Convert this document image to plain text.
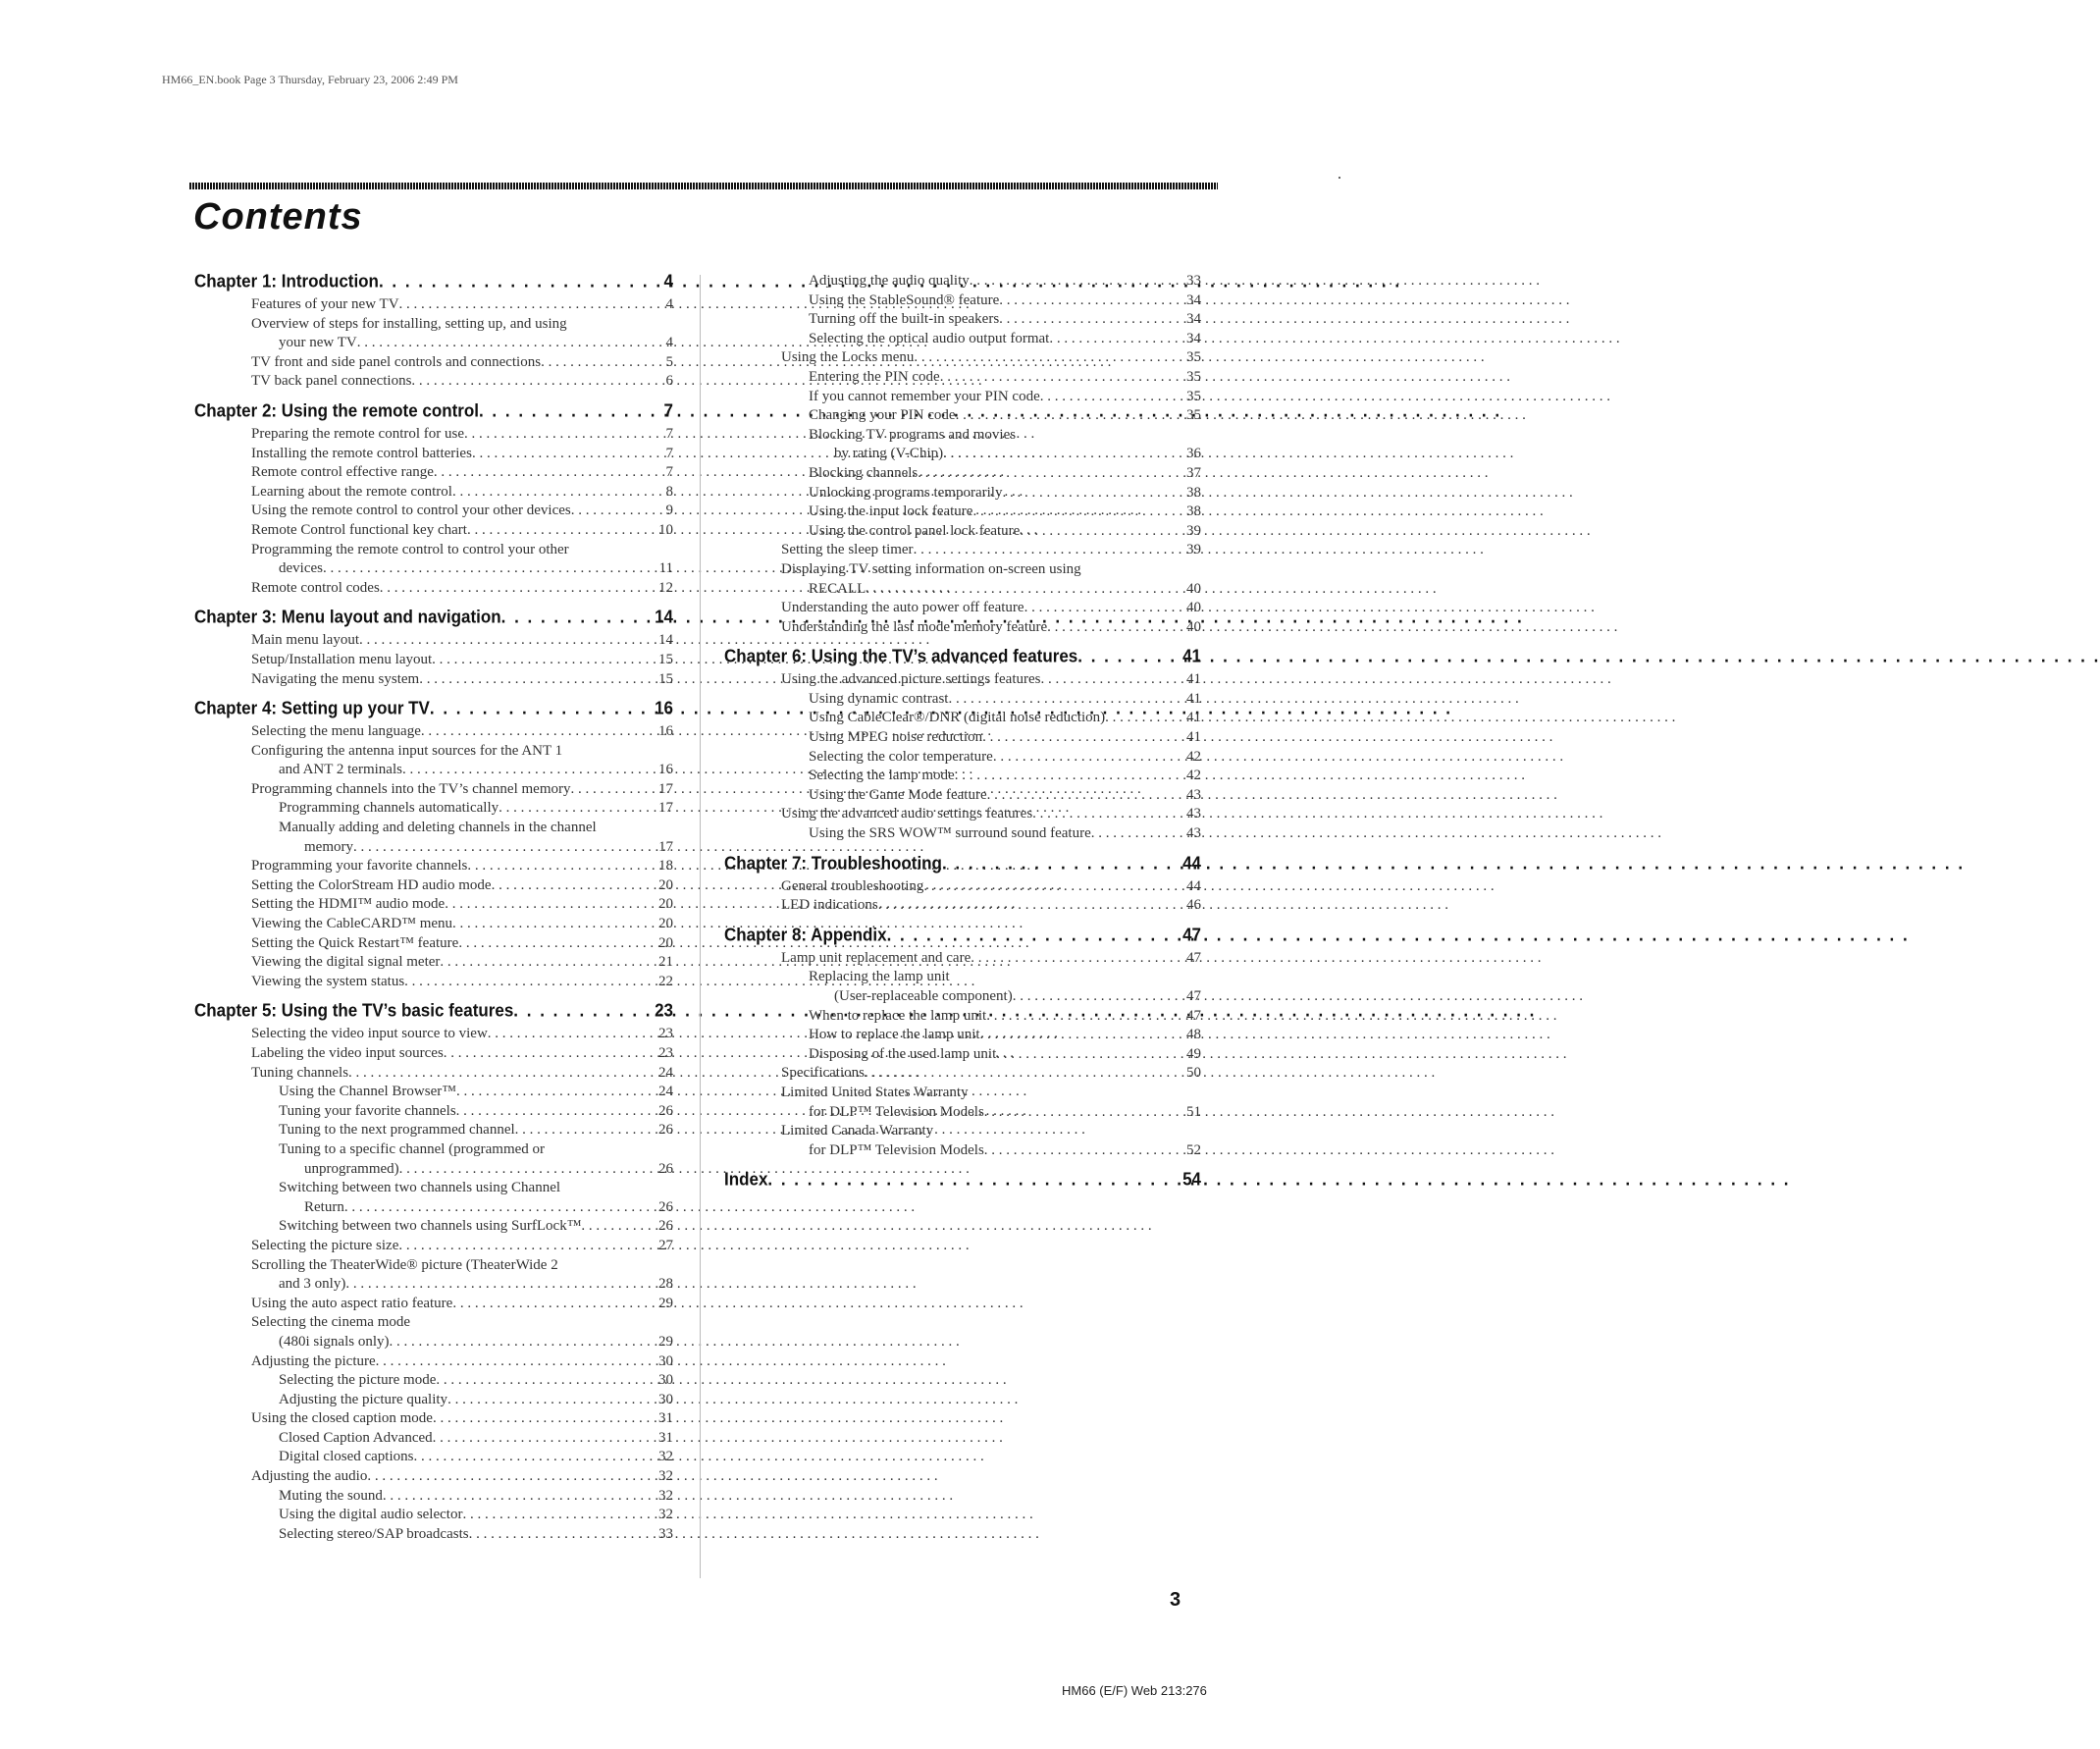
HM66_EN.book Page 3 Thursday, February 23, 2006 2:49 PM
Contents
Chapter 1: Introduction . . .	4
Features of your new TV . . .	4
Overview of steps for installing, setting up, and using
your new TV . . .	4
TV front and side panel controls and connections . . .	5
TV back panel connections . . .	6
Chapter 2: Using the remote control . . .	7
Preparing the remote control for use . . .	7
Installing the remote control batteries . . .	7
Remote control effective range . . .	7
Learning about the remote control . . .	8
Using the remote control to control your other devices . . .	9
Remote Control functional key chart . . .	10
Programming the remote control to control your other
devices . . .	11
Remote control codes . . .	12
Chapter 3: Menu layout and navigation . . .	14
Main menu layout . . .	14
Setup/Installation menu layout . . .	15
Navigating the menu system . . .	15
Chapter 4: Setting up your TV . . .	16
Selecting the menu language . . .	16
Configuring the antenna input sources for the ANT 1
and ANT 2 terminals . . .	16
Programming channels into the TV’s channel memory . . .	17
Programming channels automatically . . .	17
Manually adding and deleting channels in the channel
memory . . .	17
Programming your favorite channels . . .	18
Setting the ColorStream HD audio mode . . .	20
Setting the HDMI™ audio mode . . .	20
Viewing the CableCARD™ menu . . .	20
Setting the Quick Restart™ feature . . .	20
Viewing the digital signal meter . . .	21
Viewing the system status . . .	22
Chapter 5: Using the TV’s basic features . . .	23
Selecting the video input source to view . . .	23
Labeling the video input sources . . .	23
Tuning channels . . .	24
Using the Channel Browser™ . . .	24
Tuning your favorite channels . . .	26
Tuning to the next programmed channel . . .	26
Tuning to a specific channel (programmed or
unprogrammed) . . .	26
Switching between two channels using Channel
Return . . .	26
Switching between two channels using SurfLock™ . . .	26
Selecting the picture size . . .	27
Scrolling the TheaterWide® picture (TheaterWide 2
and 3 only) . . .	28
Using the auto aspect ratio feature . . .	29
Selecting the cinema mode
(480i signals only) . . .	29
Adjusting the picture . . .	30
Selecting the picture mode . . .	30
Adjusting the picture quality . . .	30
Using the closed caption mode . . .	31
Closed Caption Advanced . . .	31
Digital closed captions . . .	32
Adjusting the audio . . .	32
Muting the sound . . .	32
Using the digital audio selector . . .	32
Selecting stereo/SAP broadcasts . . .	33
Adjusting the audio quality . . .	33
Using the StableSound® feature . . .	34
Turning off the built-in speakers . . .	34
Selecting the optical audio output format . . .	34
Using the Locks menu . . .	35
Entering the PIN code . . .	35
If you cannot remember your PIN code . . .	35
Changing your PIN code . . .	35
Blocking TV programs and movies
by rating (V-Chip) . . .	36
Blocking channels . . .	37
Unlocking programs temporarily . . .	38
Using the input lock feature . . .	38
Using the control panel lock feature . . .	39
Setting the sleep timer . . .	39
Displaying TV setting information on-screen using
RECALL . . .	40
Understanding the auto power off feature . . .	40
Understanding the last mode memory feature . . .	40
Chapter 6: Using the TV’s advanced features . . .	41
Using the advanced picture settings features . . .	41
Using dynamic contrast . . .	41
Using CableClear®/DNR (digital noise reduction) . . .	41
Using MPEG noise reduction . . .	41
Selecting the color temperature . . .	42
Selecting the lamp mode . . .	42
Using the Game Mode feature . . .	43
Using the advanced audio settings features . . .	43
Using the SRS WOW™ surround sound feature . . .	43
Chapter 7: Troubleshooting . . .	44
General troubleshooting . . .	44
LED indications . . .	46
Chapter 8: Appendix . . .	47
Lamp unit replacement and care . . .	47
Replacing the lamp unit
(User-replaceable component) . . .	47
When to replace the lamp unit . . .	47
How to replace the lamp unit . . .	48
Disposing of the used lamp unit . . .	49
Specifications . . .	50
Limited United States Warranty
for DLP™ Television Models . . .	51
Limited Canada Warranty
for DLP™ Television Models . . .	52
Index . . .	54
3
HM66 (E/F) Web 213:276
